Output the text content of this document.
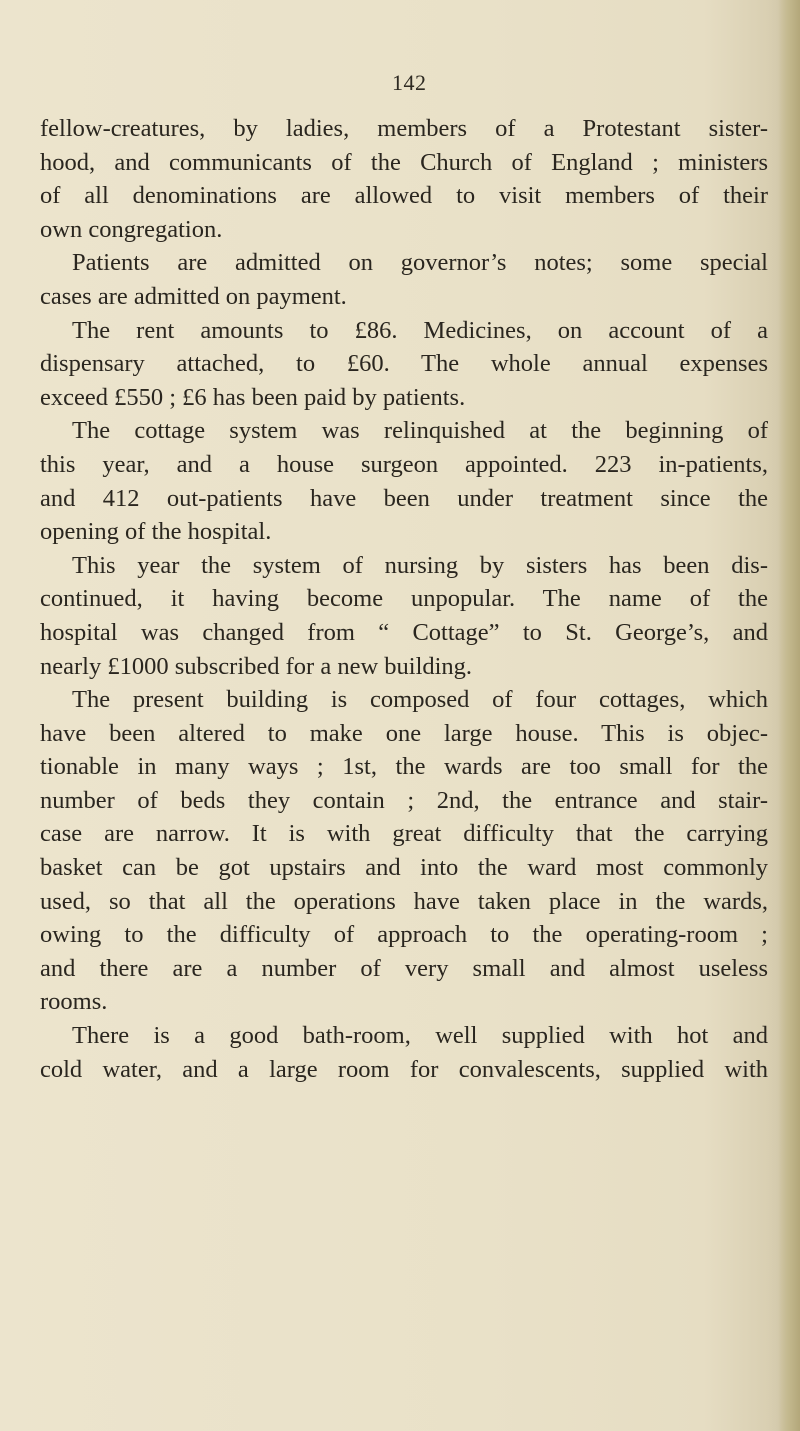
142
fellow-creatures, by ladies, members of a Protestant sister-
hood, and communicants of the Church of England ; ministers
of all denominations are allowed to visit members of their
own congregation.
Patients are admitted on governor’s notes; some special
cases are admitted on payment.
The rent amounts to £86. Medicines, on account of a
dispensary attached, to £60. The whole annual expenses
exceed £550 ; £6 has been paid by patients.
The cottage system was relinquished at the beginning of
this year, and a house surgeon appointed. 223 in-patients,
and 412 out-patients have been under treatment since the
opening of the hospital.
This year the system of nursing by sisters has been dis-
continued, it having become unpopular. The name of the
hospital was changed from “ Cottage” to St. George’s, and
nearly £1000 subscribed for a new building.
The present building is composed of four cottages, which
have been altered to make one large house. This is objec-
tionable in many ways ; 1st, the wards are too small for the
number of beds they contain ; 2nd, the entrance and stair-
case are narrow. It is with great difficulty that the carrying
basket can be got upstairs and into the ward most commonly
used, so that all the operations have taken place in the wards,
owing to the difficulty of approach to the operating-room ;
and there are a number of very small and almost useless
rooms.
There is a good bath-room, well supplied with hot and
cold water, and a large room for convalescents, supplied with
